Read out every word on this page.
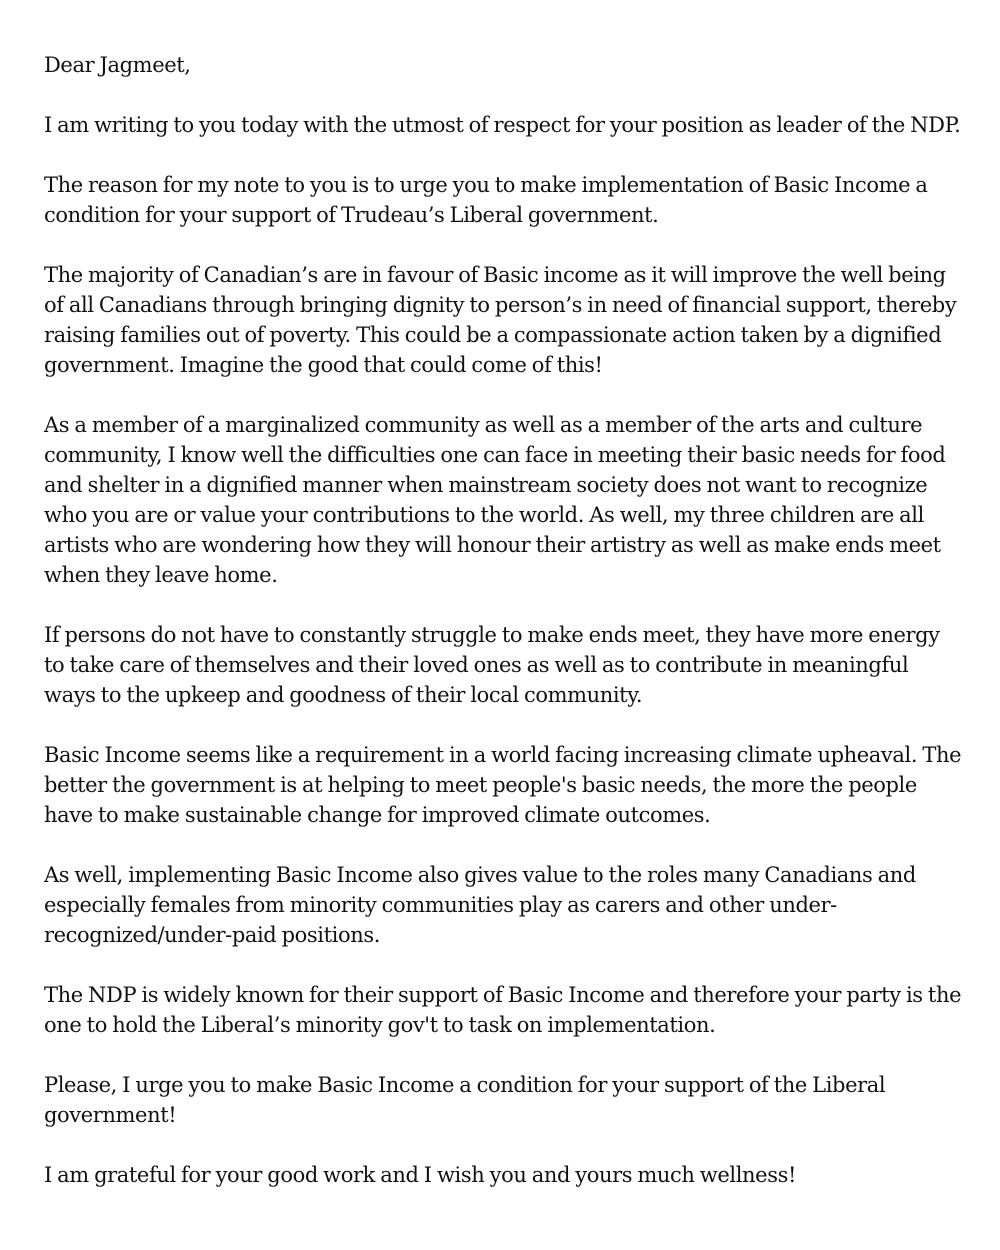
Dear Jagmeet,

I am writing to you today with the utmost of respect for your position as leader of the NDP.

The reason for my note to you is to urge you to make implementation of Basic Income a condition for your support of Trudeau’s Liberal government.

The majority of Canadian’s are in favour of Basic income as it will improve the well being of all Canadians through bringing dignity to person’s in need of financial support, thereby raising families out of poverty. This could be a compassionate action taken by a dignified government. Imagine the good that could come of this!

As a member of a marginalized community as well as a member of the arts and culture community, I know well the difficulties one can face in meeting their basic needs for food and shelter in a dignified manner when mainstream society does not want to recognize who you are or value your contributions to the world. As well, my three children are all artists who are wondering how they will honour their artistry as well as make ends meet when they leave home.

If persons do not have to constantly struggle to make ends meet, they have more energy to take care of themselves and their loved ones as well as to contribute in meaningful ways to the upkeep and goodness of their local community.

Basic Income seems like a requirement in a world facing increasing climate upheaval. The better the government is at helping to meet people's basic needs, the more the people have to make sustainable change for improved climate outcomes.

As well, implementing Basic Income also gives value to the roles many Canadians and especially females from minority communities play as carers and other under-recognized/under-paid positions.

The NDP is widely known for their support of Basic Income and therefore your party is the one to hold the Liberal’s minority gov't to task on implementation.

Please, I urge you to make Basic Income a condition for your support of the Liberal government!

I am grateful for your good work and I wish you and yours much wellness!
